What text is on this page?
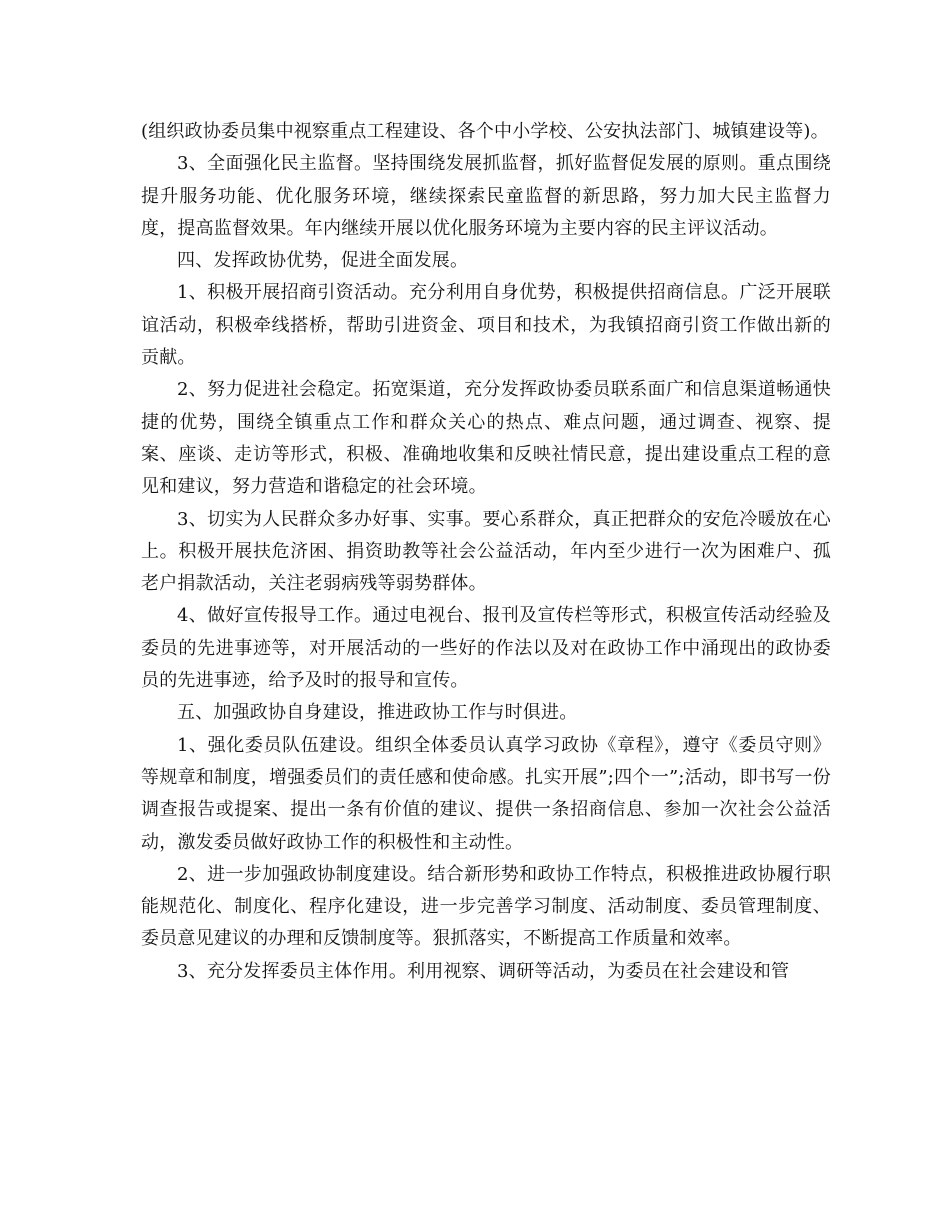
(组织政协委员集中视察重点工程建设、各个中小学校、公安执法部门、城镇建设等)。

3、全面强化民主监督。坚持围绕发展抓监督，抓好监督促发展的原则。重点围绕提升服务功能、优化服务环境，继续探索民童监督的新思路，努力加大民主监督力度，提高监督效果。年内继续开展以优化服务环境为主要内容的民主评议活动。

四、发挥政协优势，促进全面发展。

1、积极开展招商引资活动。充分利用自身优势，积极提供招商信息。广泛开展联谊活动，积极牵线搭桥，帮助引进资金、项目和技术，为我镇招商引资工作做出新的贡献。

2、努力促进社会稳定。拓宽渠道，充分发挥政协委员联系面广和信息渠道畅通快捷的优势，围绕全镇重点工作和群众关心的热点、难点问题，通过调查、视察、提案、座谈、走访等形式，积极、准确地收集和反映社情民意，提出建设重点工程的意见和建议，努力营造和谐稳定的社会环境。

3、切实为人民群众多办好事、实事。要心系群众，真正把群众的安危冷暖放在心上。积极开展扶危济困、捐资助教等社会公益活动，年内至少进行一次为困难户、孤老户捐款活动，关注老弱病残等弱势群体。

4、做好宣传报导工作。通过电视台、报刊及宣传栏等形式，积极宣传活动经验及委员的先进事迹等，对开展活动的一些好的作法以及对在政协工作中涌现出的政协委员的先进事迹，给予及时的报导和宣传。

五、加强政协自身建设，推进政协工作与时俱进。

1、强化委员队伍建设。组织全体委员认真学习政协《章程》，遵守《委员守则》等规章和制度，增强委员们的责任感和使命感。扎实开展”;四个一”;活动，即书写一份调查报告或提案、提出一条有价值的建议、提供一条招商信息、参加一次社会公益活动，激发委员做好政协工作的积极性和主动性。

2、进一步加强政协制度建设。结合新形势和政协工作特点，积极推进政协履行职能规范化、制度化、程序化建设，进一步完善学习制度、活动制度、委员管理制度、委员意见建议的办理和反馈制度等。狠抓落实，不断提高工作质量和效率。

3、充分发挥委员主体作用。利用视察、调研等活动，为委员在社会建设和管
